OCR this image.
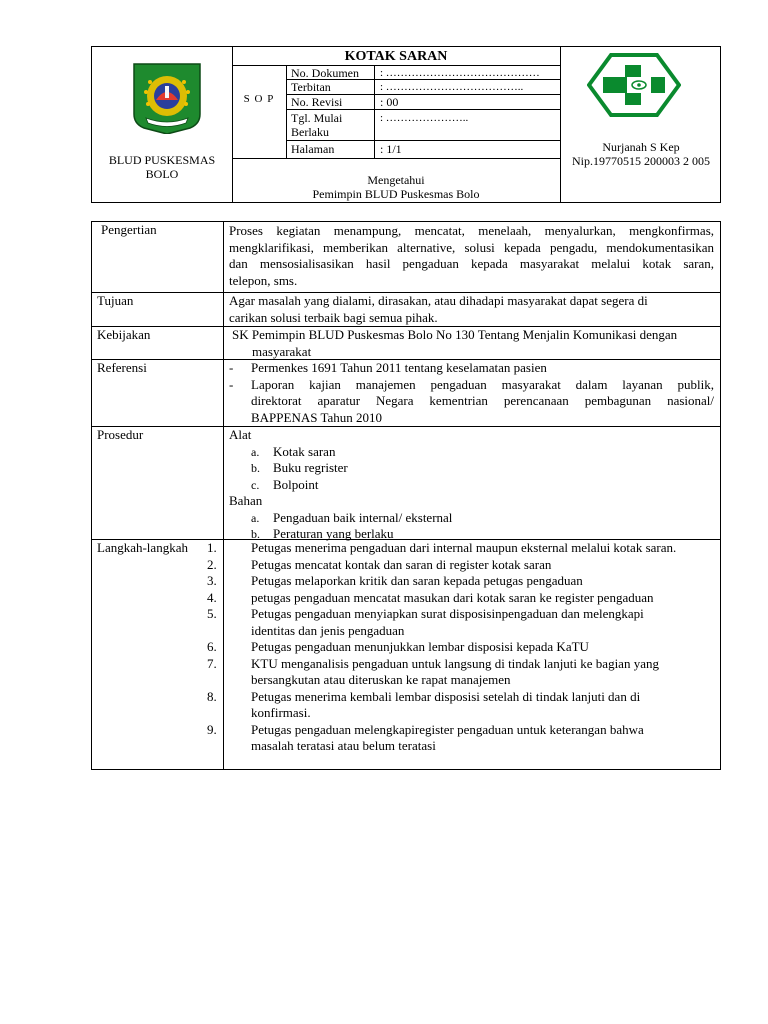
BLUD PUSKESMAS
BOLO
KOTAK SARAN
S O P
No. Dokumen : ……………………………………
Terbitan	: ………………………………..
No. Revisi	: 00
Tgl. Mulai	: …………………..
Berlaku
Halaman	: 1/1
Mengetahui
Pemimpin BLUD Puskesmas Bolo
Nurjanah S Kep
Nip.19770515 200003 2 005
Pengertian	Proses kegiatan menampung, mencatat, menelaah, menyalurkan, mengkonfirmas,
mengklarifikasi, memberikan alternative, solusi kepada pengadu, mendokumentasikan
dan mensosialisasikan hasil pengaduan kepada masyarakat melalui kotak saran,
telepon, sms.
Tujuan	Agar masalah yang dialami, dirasakan, atau dihadapi masyarakat dapat segera di
carikan solusi terbaik bagi semua pihak.
Kebijakan	SK Pemimpin BLUD Puskesmas Bolo No 130 Tentang Menjalin Komunikasi dengan
masyarakat
Referensi	- Permenkes 1691 Tahun 2011 tentang keselamatan pasien
-	Laporan kajian manajemen pengaduan masyarakat dalam layanan publik,
direktorat aparatur Negara kementrian perencanaan pembagunan nasional/
BAPPENAS Tahun 2010
Prosedur	Alat
a. Kotak saran
b. Buku regrister
c. Bolpoint
Bahan
a. Pengaduan baik internal/ eksternal
b. Peraturan yang berlaku
Langkah-langkah 1.	Petugas menerima pengaduan dari internal maupun eksternal melalui kotak saran.
2.	Petugas mencatat kontak dan saran di register kotak saran
3.	Petugas melaporkan kritik dan saran kepada petugas pengaduan
4.	petugas pengaduan mencatat masukan dari kotak saran ke register pengaduan
5.	Petugas pengaduan menyiapkan surat disposisinpengaduan dan melengkapi
identitas dan jenis pengaduan
6.	Petugas pengaduan menunjukkan lembar disposisi kepada KaTU
7.	KTU menganalisis pengaduan untuk langsung di tindak lanjuti ke bagian yang
bersangkutan atau diteruskan ke rapat manajemen
8.	Petugas menerima kembali lembar disposisi setelah di tindak lanjuti dan di
konfirmasi.
9.	Petugas pengaduan melengkapiregister pengaduan untuk keterangan bahwa
masalah teratasi atau belum teratasi
